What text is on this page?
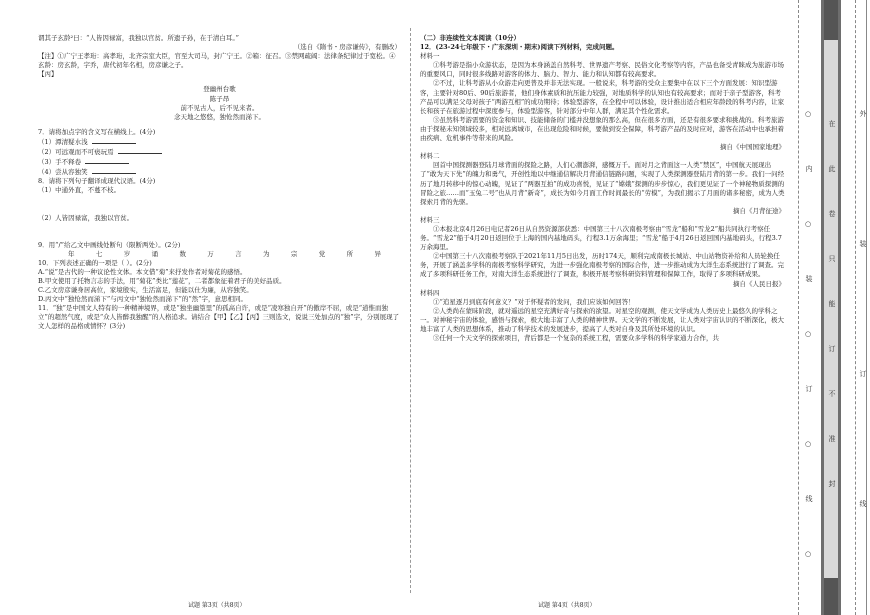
谓其子玄龄²曰：“人皆因禄富，我独以官贫。所遗子孙，在于清白耳。”

（选自《隋书・房彦谦传》，有删改）

【注】①广宁王孝珩：高孝珩，北齐宗室大臣，官至大司马，封广宁王。②箱：征召。③禁网疏阔：法律条纪律过于宽松。④玄龄：房玄龄，字乔，唐代初年名相，房彦谦之子。

【丙】

登幽州台歌

陈子昂

前不见古人，后不见来者。

念天地之悠悠，独怆然而涕下。

7．请将加点字的含义写在横线上。(4分)

（1）潭清疑水浅

（2）可远观而不可亵玩焉

（3）手不释卷

（4）尝从容独笑

8．请将下列句子翻译成现代汉语。(4分)

（1）中通外直，不蔓不枝。

（2）人皆因禄富，我独以官贫。

9．用“/”给乙文中画线处断句（限断两处）。(2分)

年	七	岁	诵	数	万	言	为	宗	党	所	异

10．下列表述正确的一项是（ ）。(2分)

A.“说”是古代的一种议论性文体。本文借“菊”来抒发作者对菊花的感悟。

B.甲文使用了托物言志的手法，用“菊花”类比“莲花”，二者都象征着君子的美好品质。

C.乙文房彦谦身居高位，家境殷实，生活富足，但能以仕为廉，从容独笑。

D.丙文中“独怆然而涕下”与丙文中“独怆然而涕下”的“然”字，意思相同。

11．“独”是中国文人特有的一种精神境界，或是“独坐幽篁里”的孤高自许，或是“凌寒独自开”的傲岸不屈，或是“道惟而独立”的超然气度，或是“众人皆醉我独醒”的人格追求。请结合【甲】【乙】【丙】三则选文，说说三处加点的“独”字，分别展现了文人怎样的品格或情怀？(3分)

试题 第3页（共8页）

（二）非连续性文本阅读（10分）

12．(23-24七年级下・广东深圳・期末)阅读下列材料，完成问题。

材料一

①科考游是指小众游状态，是因为本身涵盖自然科考、世界遗产考察、民俗文化考察等内容，产品也备受青睐成为旅游市场的重要风口，同时很多线路对游客的体力、脑力、智力、能力和认知都有较高要求。

②不过，让科考游从小众游走向更普及并非无法实现。一般说来，科考游的受众主要集中在以下三个方面发展：知识型游客，主要针对80后、90后旅游者，他们身体素质和抗压能力较强，对地质科学的认知也有较高要求；而对于亲子型游客，科考产品可以满足父母对孩子“两游互相”的成功期待；体验型游客，在全程中可以体验，设计推出适合相应年龄段的科考内容，让家长和孩子在旅游过程中深度参与，体验型游客，针对部分中年人群，满足其个性化需求。

③虽然科考游需要的资金和知识、技能储备的门槛并没想象的那么高，但在很多方面，还是有很多要求和挑战的。科考旅游由于探秘未知领域较多，相对远离城市，在出现危险和时候，要做到安全保障，科考游产品的及时应对，游客在活动中也承担着由疾病、危机事件等带来的风险。

摘自《中国国家地理》

材料二

回首中国探测器登陆月球背面的探险之路，人们心潮澎湃，感慨万千。面对月之背面这一人类“禁区”，中国航天展现出了“敢为天下先”的魄力和勇气，开创性地以中继通信解决月背通信链路问题，实现了人类探测器登陆月背的第一步。我们一问经历了地月转移中的惊心动魄，见证了“两器互拍”的成功喜悦，见证了“嫦娥”探测的步步惊心，我们更见证了一个神秘物质探测的冒险之旅……而“玉兔二号”也从月背“新奇”，成长为如今月面工作时间最长的“劳模”，为我们揭示了月面的诸多秘密，成为人类探索月背的先驱。

摘自《月背征途》

材料三

①本报北京4月26日电记者26日从自然资源部获悉：中国第三十八次南极考察由“雪龙”船和“雪龙2”船共同执行考察任务。“雪龙2”船于4月20日返回位于上海的国内基地码头，行程3.1万余海里；“雪龙”船于4月26日返回国内基地码头，行程3.7万余海里。

②中国第三十八次南极考察队于2021年11月5日出发，历时174天，顺利完成南极长城站、中山站物资补给和人员轮换任务，开展了涵盖多学科的南极考察科学研究，为进一步强化南极考察的国际合作，进一步推动成为大洋生态系统进行了调查。完成了多项科研任务工作，对南大洋生态系统进行了调查，积极开展考察科研资料管理和保障工作，取得了多项科研成果。

摘自《人民日报》

材料四

①“追星逐月到底有何意义？”对于怀疑者的发问，我们应该如何回答！

②人类尚在蒙昧阶段，就对遥远的星空充满好奇与探索的欲望。对星空的观测，使天文学成为人类历史上最悠久的学科之一。对神秘宇宙的体验，感悟与探索，极大地丰富了人类的精神世界。天文学的不断发展，让人类对宇宙认识的不断深化，极大地丰富了人类的思想体系，推动了科学技术的发展进步，提高了人类对自身及其所处环境的认识。

③任何一个天文学的探索项目，背后都是一个复杂的系统工程，需要众多学科的科学家通力合作，共

试题 第4页（共8页）
○
内
○
装
○
订
○
线
○
在
此
卷
只
能
订
不
准
封
外
装
订
线
